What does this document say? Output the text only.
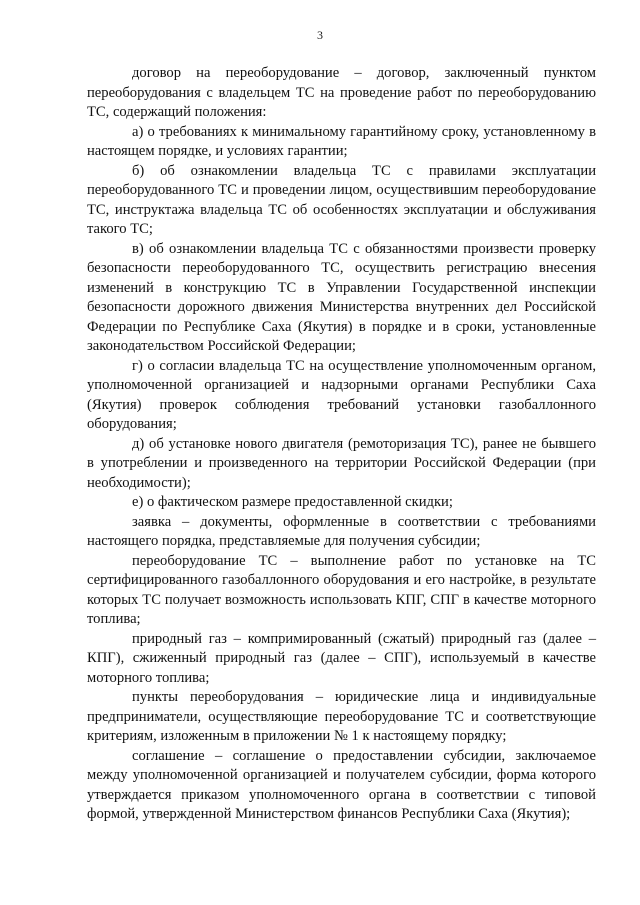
3

договор на переоборудование – договор, заключенный пунктом переоборудования с владельцем ТС на проведение работ по переоборудованию ТС, содержащий положения:

а) о требованиях к минимальному гарантийному сроку, установленному в настоящем порядке, и условиях гарантии;

б) об ознакомлении владельца ТС с правилами эксплуатации переоборудованного ТС и проведении лицом, осуществившим переоборудование ТС, инструктажа владельца ТС об особенностях эксплуатации и обслуживания такого ТС;

в) об ознакомлении владельца ТС с обязанностями произвести проверку безопасности переоборудованного ТС, осуществить регистрацию внесения изменений в конструкцию ТС в Управлении Государственной инспекции безопасности дорожного движения Министерства внутренних дел Российской Федерации по Республике Саха (Якутия) в порядке и в сроки, установленные законодательством Российской Федерации;

г) о согласии владельца ТС на осуществление уполномоченным органом, уполномоченной организацией и надзорными органами Республики Саха (Якутия) проверок соблюдения требований установки газобаллонного оборудования;

д) об установке нового двигателя (ремоторизация ТС), ранее не бывшего в употреблении и произведенного на территории Российской Федерации (при необходимости);

е) о фактическом размере предоставленной скидки;

заявка – документы, оформленные в соответствии с требованиями настоящего порядка, представляемые для получения субсидии;

переоборудование ТС – выполнение работ по установке на ТС сертифицированного газобаллонного оборудования и его настройке, в результате которых ТС получает возможность использовать КПГ, СПГ в качестве моторного топлива;

природный газ – компримированный (сжатый) природный газ (далее – КПГ), сжиженный природный газ (далее – СПГ), используемый в качестве моторного топлива;

пункты переоборудования – юридические лица и индивидуальные предприниматели, осуществляющие переоборудование ТС и соответствующие критериям, изложенным в приложении № 1 к настоящему порядку;

соглашение – соглашение о предоставлении субсидии, заключаемое между уполномоченной организацией и получателем субсидии, форма которого утверждается приказом уполномоченного органа в соответствии с типовой формой, утвержденной Министерством финансов Республики Саха (Якутия);
